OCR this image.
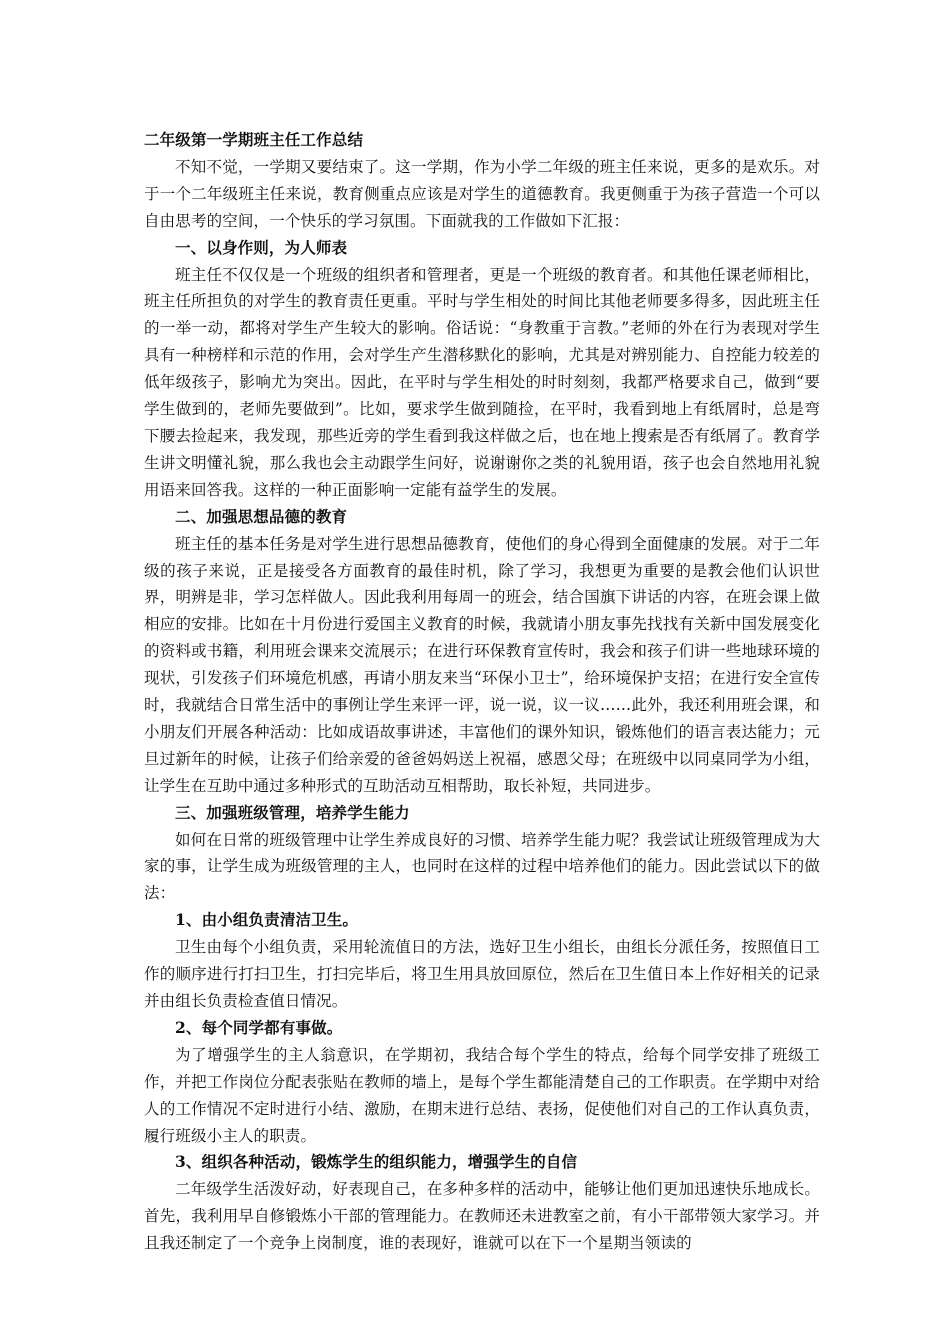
二年级第一学期班主任工作总结

不知不觉，一学期又要结束了。这一学期，作为小学二年级的班主任来说，更多的是欢乐。对于一个二年级班主任来说，教育侧重点应该是对学生的道德教育。我更侧重于为孩子营造一个可以自由思考的空间，一个快乐的学习氛围。下面就我的工作做如下汇报：

一、以身作则，为人师表

班主任不仅仅是一个班级的组织者和管理者，更是一个班级的教育者。和其他任课老师相比，班主任所担负的对学生的教育责任更重。平时与学生相处的时间比其他老师要多得多，因此班主任的一举一动，都将对学生产生较大的影响。俗话说：“身教重于言教。”老师的外在行为表现对学生具有一种榜样和示范的作用，会对学生产生潜移默化的影响，尤其是对辨别能力、自控能力较差的低年级孩子，影响尤为突出。因此，在平时与学生相处的时时刻刻，我都严格要求自己，做到“要学生做到的，老师先要做到”。比如，要求学生做到随捡，在平时，我看到地上有纸屑时，总是弯下腰去捡起来，我发现，那些近旁的学生看到我这样做之后，也在地上搜索是否有纸屑了。教育学生讲文明懂礼貌，那么我也会主动跟学生问好，说谢谢你之类的礼貌用语，孩子也会自然地用礼貌用语来回答我。这样的一种正面影响一定能有益学生的发展。

二、加强思想品德的教育

班主任的基本任务是对学生进行思想品德教育，使他们的身心得到全面健康的发展。对于二年级的孩子来说，正是接受各方面教育的最佳时机，除了学习，我想更为重要的是教会他们认识世界，明辨是非，学习怎样做人。因此我利用每周一的班会，结合国旗下讲话的内容，在班会课上做相应的安排。比如在十月份进行爱国主义教育的时候，我就请小朋友事先找找有关新中国发展变化的资料或书籍，利用班会课来交流展示；在进行环保教育宣传时，我会和孩子们讲一些地球环境的现状，引发孩子们环境危机感，再请小朋友来当“环保小卫士”，给环境保护支招；在进行安全宣传时，我就结合日常生活中的事例让学生来评一评，说一说，议一议……此外，我还利用班会课，和小朋友们开展各种活动：比如成语故事讲述，丰富他们的课外知识，锻炼他们的语言表达能力；元旦过新年的时候，让孩子们给亲爱的爸爸妈妈送上祝福，感恩父母；在班级中以同桌同学为小组，让学生在互助中通过多种形式的互助活动互相帮助，取长补短，共同进步。

三、加强班级管理，培养学生能力

如何在日常的班级管理中让学生养成良好的习惯、培养学生能力呢？我尝试让班级管理成为大家的事，让学生成为班级管理的主人，也同时在这样的过程中培养他们的能力。因此尝试以下的做法：

1、由小组负责清洁卫生。

卫生由每个小组负责，采用轮流值日的方法，选好卫生小组长，由组长分派任务，按照值日工作的顺序进行打扫卫生，打扫完毕后，将卫生用具放回原位，然后在卫生值日本上作好相关的记录并由组长负责检查值日情况。

2、每个同学都有事做。

为了增强学生的主人翁意识，在学期初，我结合每个学生的特点，给每个同学安排了班级工作，并把工作岗位分配表张贴在教师的墙上，是每个学生都能清楚自己的工作职责。在学期中对给人的工作情况不定时进行小结、激励，在期末进行总结、表扬，促使他们对自己的工作认真负责，履行班级小主人的职责。

3、组织各种活动，锻炼学生的组织能力，增强学生的自信

二年级学生活泼好动，好表现自己，在多种多样的活动中，能够让他们更加迅速快乐地成长。首先，我利用早自修锻炼小干部的管理能力。在教师还未进教室之前，有小干部带领大家学习。并且我还制定了一个竞争上岗制度，谁的表现好，谁就可以在下一个星期当领读的
